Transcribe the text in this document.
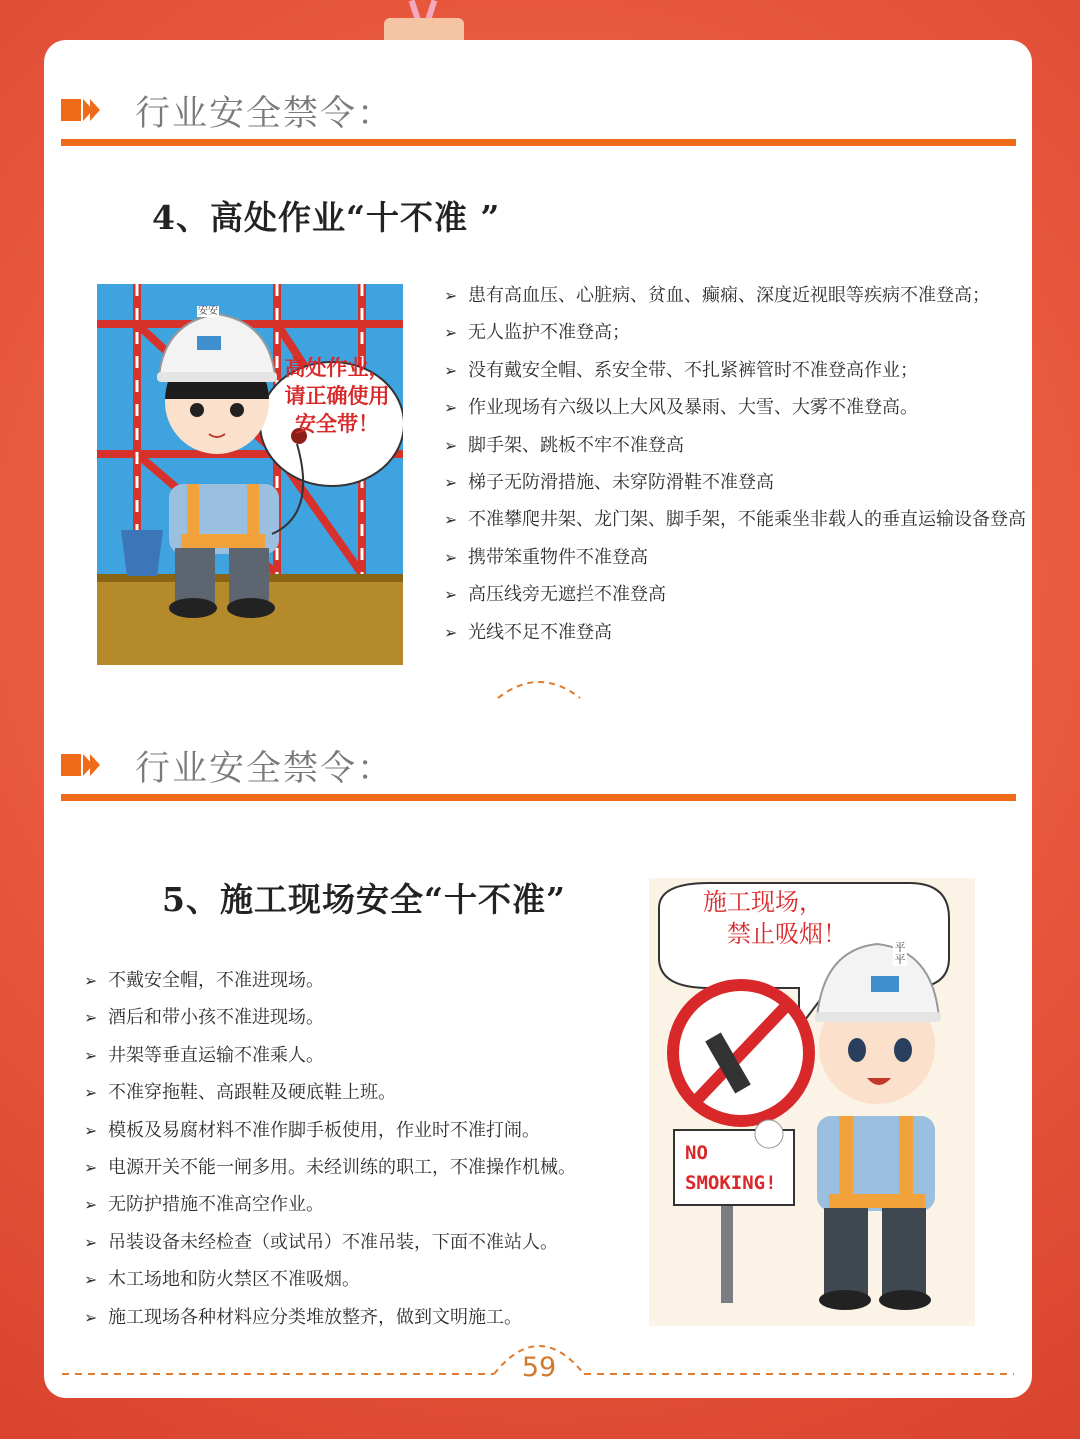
行业安全禁令：
4、高处作业“十不准 ”
高处作业，
请正确使用
安全带！
安安
➢ 患有高血压、心脏病、贫血、癫痫、深度近视眼等疾病不准登高；
➢ 无人监护不准登高；
➢ 没有戴安全帽、系安全带、不扎紧裤管时不准登高作业；
➢ 作业现场有六级以上大风及暴雨、大雪、大雾不准登高。
➢ 脚手架、跳板不牢不准登高
➢ 梯子无防滑措施、未穿防滑鞋不准登高
➢ 不准攀爬井架、龙门架、脚手架，不能乘坐非载人的垂直运输设备登高
➢ 携带笨重物件不准登高
➢ 高压线旁无遮拦不准登高
➢ 光线不足不准登高
行业安全禁令：
5、施工现场安全“十不准”
➢ 不戴安全帽，不准进现场。
➢ 酒后和带小孩不准进现场。
➢ 井架等垂直运输不准乘人。
➢ 不准穿拖鞋、高跟鞋及硬底鞋上班。
➢ 模板及易腐材料不准作脚手板使用，作业时不准打闹。
➢ 电源开关不能一闸多用。未经训练的职工，不准操作机械。
➢ 无防护措施不准高空作业。
➢ 吊装设备未经检查（或试吊）不准吊装，下面不准站人。
➢ 木工场地和防火禁区不准吸烟。
➢ 施工现场各种材料应分类堆放整齐，做到文明施工。
施工现场，
禁止吸烟！
NO
SMOKING!
平平
59
